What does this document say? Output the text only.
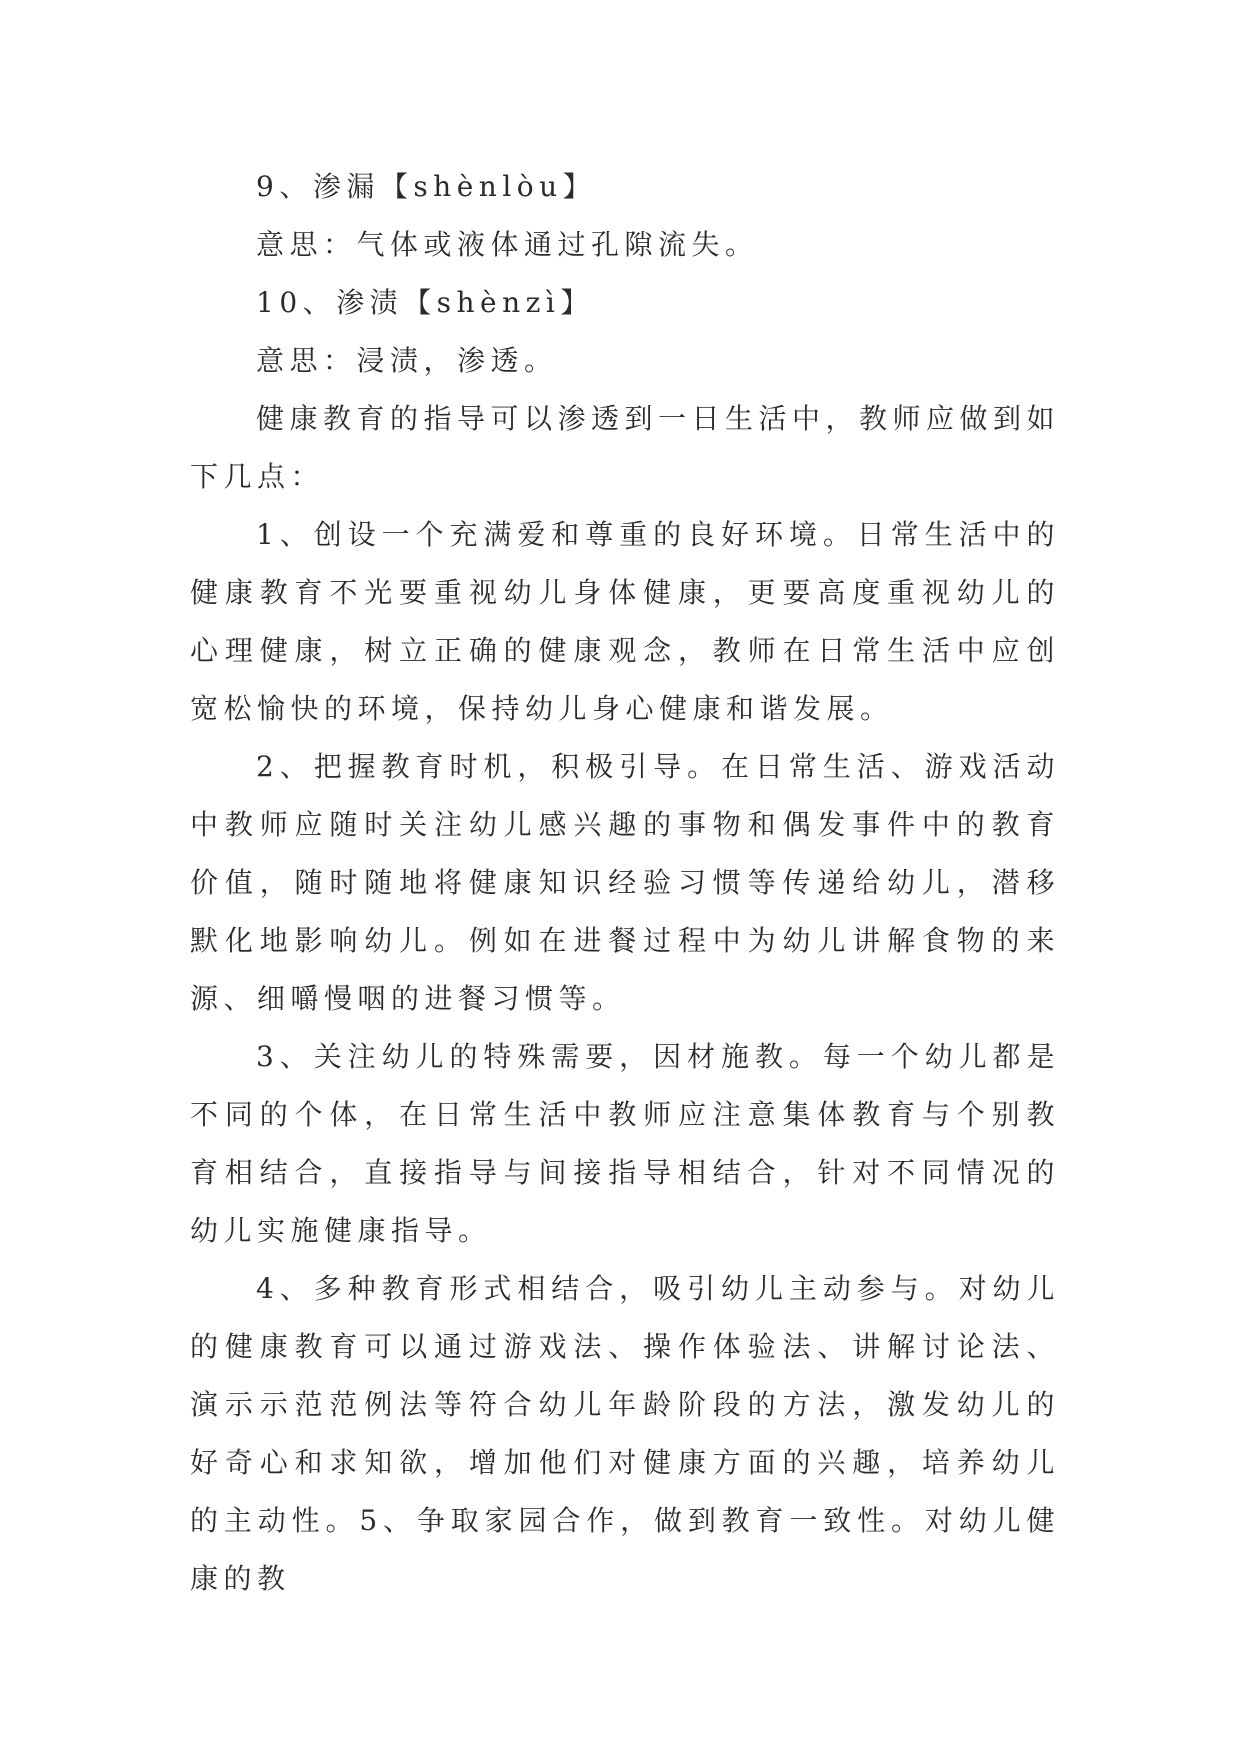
9、渗漏【shènlòu】

意思：气体或液体通过孔隙流失。

10、渗渍【shènzì】

意思：浸渍，渗透。

健康教育的指导可以渗透到一日生活中，教师应做到如下几点：

1、创设一个充满爱和尊重的良好环境。日常生活中的健康教育不光要重视幼儿身体健康，更要高度重视幼儿的心理健康，树立正确的健康观念，教师在日常生活中应创宽松愉快的环境，保持幼儿身心健康和谐发展。

2、把握教育时机，积极引导。在日常生活、游戏活动中教师应随时关注幼儿感兴趣的事物和偶发事件中的教育价值，随时随地将健康知识经验习惯等传递给幼儿，潜移默化地影响幼儿。例如在进餐过程中为幼儿讲解食物的来源、细嚼慢咽的进餐习惯等。

3、关注幼儿的特殊需要，因材施教。每一个幼儿都是不同的个体，在日常生活中教师应注意集体教育与个别教育相结合，直接指导与间接指导相结合，针对不同情况的幼儿实施健康指导。

4、多种教育形式相结合，吸引幼儿主动参与。对幼儿的健康教育可以通过游戏法、操作体验法、讲解讨论法、演示示范范例法等符合幼儿年龄阶段的方法，激发幼儿的好奇心和求知欲，增加他们对健康方面的兴趣，培养幼儿的主动性。5、争取家园合作，做到教育一致性。对幼儿健康的教
